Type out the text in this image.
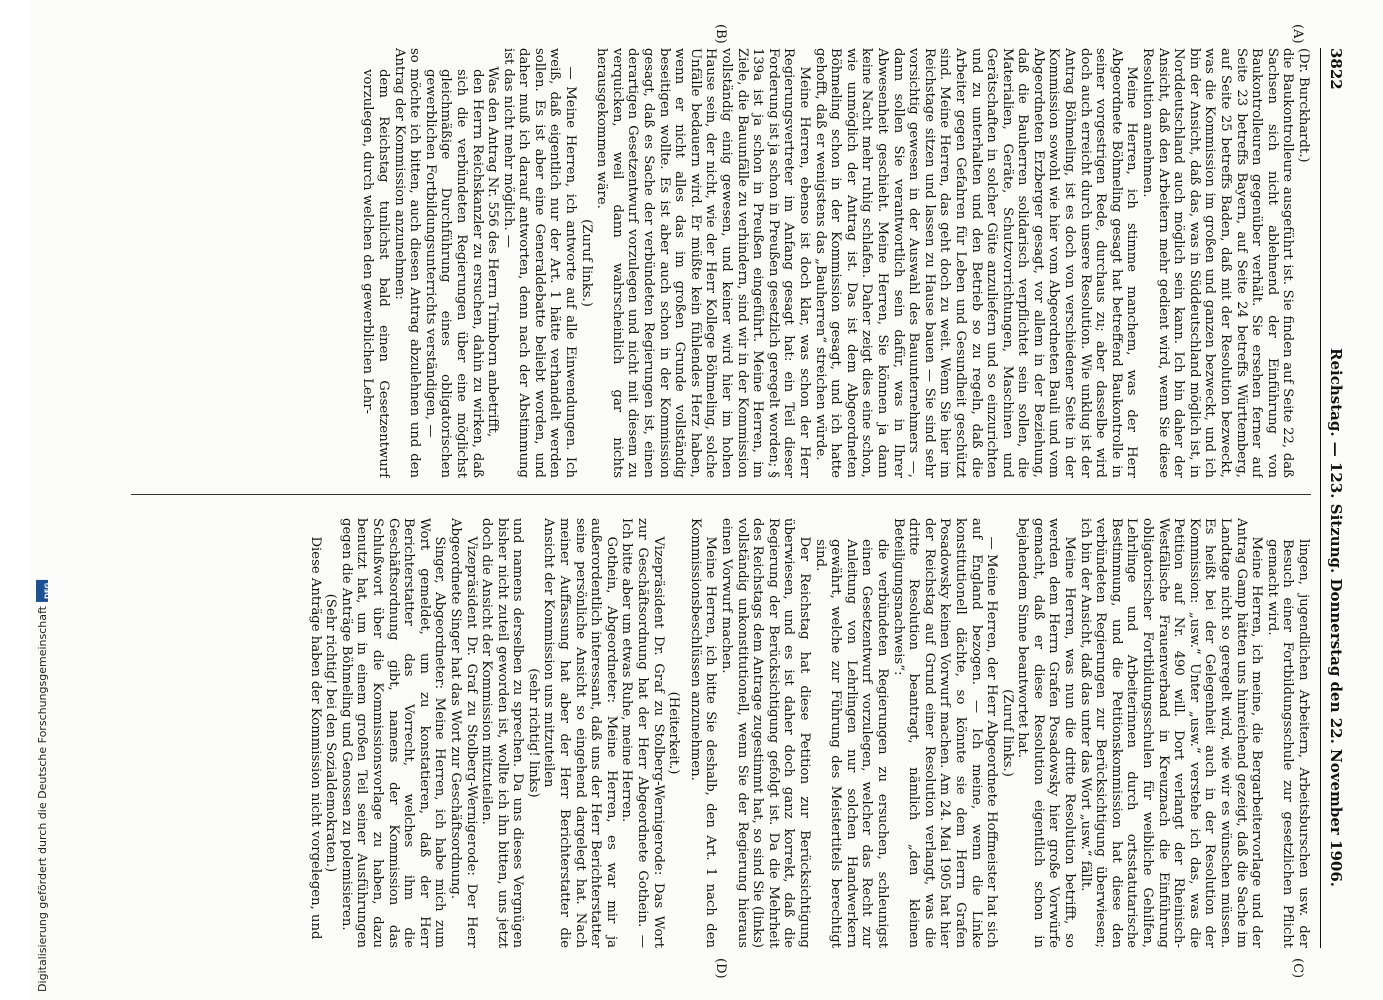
3822
Reichstag. — 123. Sitzung. Donnerstag den 22. November 1906.
(A)
(B)
(C)
(D)

(Dr. Burckhardt.)

die Baukontrolleure ausgeführt ist. Sie finden auf Seite 22, daß Sachsen sich nicht ablehnend der Einführung von Baukontrolleuren gegenüber verhält. Sie ersehen ferner auf Seite 23 betreffs Bayern, auf Seite 24 betreffs Württemberg, auf Seite 25 betreffs Baden, daß mit der Resolution bezweckt, was die Kommission im großen und ganzen bezweckt, und ich bin der Ansicht, daß das, was in Süddeutschland möglich ist, in Norddeutschland auch möglich sein kann. Ich bin daher der Ansicht, daß den Arbeitern mehr gedient wird, wenn Sie diese Resolution annehmen.

Meine Herren, ich stimme manchem, was der Herr Abgeordnete Böhmeling gesagt hat betreffend Baukontrolle in seiner vorgestrigen Rede, durchaus zu; aber dasselbe wird doch auch erreicht durch unsere Resolution. Wie unklug ist der Antrag Böhmeling, ist es doch von verschiedener Seite in der Kommission sowohl wie hier vom Abgeordneten Bauli und vom Abgeordneten Erzberger gesagt, vor allem in der Beziehung, daß die Bauherren solidarisch verpflichtet sein sollen, die Materialien, Geräte, Schutzvorrichtungen, Maschinen und Gerätschaften in solcher Güte anzuliefern und so einzurichten und zu unterhalten und den Betrieb so zu regeln, daß die Arbeiter gegen Gefahren für Leben und Gesundheit geschützt sind. Meine Herren, das geht doch zu weit. Wenn Sie hier im Reichstage sitzen und lassen zu Hause bauen — Sie sind sehr vorsichtig gewesen in der Auswahl des Bauunternehmers —, dann sollen Sie verantwortlich sein dafür, was in Ihrer Abwesenheit geschieht. Meine Herren, Sie können ja dann keine Nacht mehr ruhig schlafen. Daher zeigt dies eine schon, wie unmöglich der Antrag ist. Das ist dem Abgeordneten Böhmeling schon in der Kommission gesagt, und ich hatte gehofft, daß er wenigstens das „Bauherren“ streichen würde.

Meine Herren, ebenso ist doch klar, was schon der Herr Regierungsvertreter im Anfang gesagt hat: ein Teil dieser Forderung ist ja schon in Preußen gesetzlich geregelt worden; § 139a ist ja schon in Preußen eingeführt. Meine Herren, im Ziele, die Bauunfälle zu verhindern, sind wir in der Kommission vollständig einig gewesen, und keiner wird hier im hohen Hause sein, der nicht, wie der Herr Kollege Böhmeling, solche Unfälle bedauern wird. Er müßte kein fühlendes Herz haben, wenn er nicht alles das im großen Grunde vollständig beseitigen wollte. Es ist aber auch schon in der Kommission gesagt, daß es Sache der verbündeten Regierungen ist, einen derartigen Gesetzentwurf vorzulegen und nicht mit diesem zu verquicken, weil dann wahrscheinlich gar nichts herausgekommen wäre.

(Zuruf links.)

— Meine Herren, ich antworte auf alle Einwendungen. Ich weiß, daß eigentlich nur der Art. 1 hätte verhandelt werden sollen. Es ist aber eine Generaldebatte beliebt worden, und daher muß ich darauf antworten, denn nach der Abstimmung ist das nicht mehr möglich. —

Was den Antrag Nr. 556 des Herrn Trimborn anbetrifft,

den Herrn Reichskanzler zu ersuchen, dahin zu wirken, daß sich die verbündeten Regierungen über eine möglichst gleichmäßige Durchführung eines obligatorischen gewerblichen Fortbildungsunterrichts verständigen, —

so möchte ich bitten, auch diesen Antrag abzulehnen und den Antrag der Kommission anzunehmen:

dem Reichstag tunlichst bald einen Gesetzentwurf vorzulegen, durch welchen den gewerblichen Lehr-

lingen, jugendlichen Arbeitern, Arbeitsburschen usw. der Besuch einer Fortbildungsschule zur gesetzlichen Pflicht gemacht wird.

Meine Herren, ich meine, die Bergarbeitervorlage und der Antrag Gamp hätten uns hinreichend gezeigt, daß die Sache im Landtage nicht so geregelt wird, wie wir es wünschen müssen. Es heißt bei der Gelegenheit auch in der Resolution der Kommission: „usw.“ Unter „usw.“ verstehe ich das, was die Petition auf Nr. 490 will. Dort verlangt der Rheinisch-Westfälische Frauenverband in Kreuznach die Einführung obligatorischer Fortbildungsschulen für weibliche Gehilfen, Lehrlinge und Arbeiterinnen durch ortsstatutarische Bestimmung, und die Petitionskommission hat diese den verbündeten Regierungen zur Berücksichtigung überwiesen; ich bin der Ansicht, daß das unter das Wort „usw.“ fällt.

Meine Herren, was nun die dritte Resolution betrifft, so werden dem Herrn Grafen Posadowsky hier große Vorwürfe gemacht, daß er diese Resolution eigentlich schon in bejahendem Sinne beantwortet hat.

(Zuruf links.)

— Meine Herren, der Herr Abgeordnete Hoffmeister hat sich auf England bezogen. — Ich meine, wenn die Linke konstitutionell dächte, so könnte sie dem Herrn Grafen Posadowsky keinen Vorwurf machen. Am 24. Mai 1905 hat hier der Reichstag auf Grund einer Resolution verlangt, was die dritte Resolution beantragt, nämlich „den kleinen Beteiligungsnachweis“:

die verbündeten Regierungen zu ersuchen, schleunigst einen Gesetzentwurf vorzulegen, welcher das Recht zur Anleitung von Lehrlingen nur solchen Handwerkern gewährt, welche zur Führung des Meistertitels berechtigt sind.

Der Reichstag hat diese Petition zur Berücksichtigung überwiesen, und es ist daher doch ganz korrekt, daß die Regierung der Berücksichtigung gefolgt ist. Da die Mehrheit des Reichstags dem Antrage zugestimmt hat, so sind Sie (links) vollständig unkonstitutionell, wenn Sie der Regierung hieraus einen Vorwurf machen.

Meine Herren, ich bitte Sie deshalb, den Art. 1 nach den Kommissionsbeschlüssen anzunehmen.

(Heiterkeit.)

Vizepräsident Dr. Graf zu Stolberg-Wernigerode: Das Wort zur Geschäftsordnung hat der Herr Abgeordnete Gothein. — Ich bitte aber um etwas Ruhe, meine Herren.

Gothein, Abgeordneter: Meine Herren, es war mir ja außerordentlich interessant, daß uns der Herr Berichterstatter seine persönliche Ansicht so eingehend dargelegt hat. Nach meiner Auffassung hat aber der Herr Berichterstatter die Ansicht der Kommission uns mitzuteilen

(sehr richtig! links)

und namens derselben zu sprechen. Da uns dieses Vergnügen bisher nicht zuteil geworden ist, wollte ich ihn bitten, uns jetzt doch die Ansicht der Kommission mitzuteilen.

Vizepräsident Dr. Graf zu Stolberg-Wernigerode: Der Herr Abgeordnete Singer hat das Wort zur Geschäftsordnung.

Singer, Abgeordneter: Meine Herren, ich habe mich zum Wort gemeldet, um zu konstatieren, daß der Herr Berichterstatter das Vorrecht, welches ihm die Geschäftsordnung gibt, namens der Kommission das Schlußwort über die Kommissionsvorlage zu haben, dazu benutzt hat, um in einem großen Teil seiner Ausführungen gegen die Anträge Böhmeling und Genossen zu polemisieren.

(Sehr richtig! bei den Sozialdemokraten.)

Diese Anträge haben der Kommission nicht vorgelegen, und

Digitalisierung gefördert durch die Deutsche Forschungsgemeinschaft
DFG
